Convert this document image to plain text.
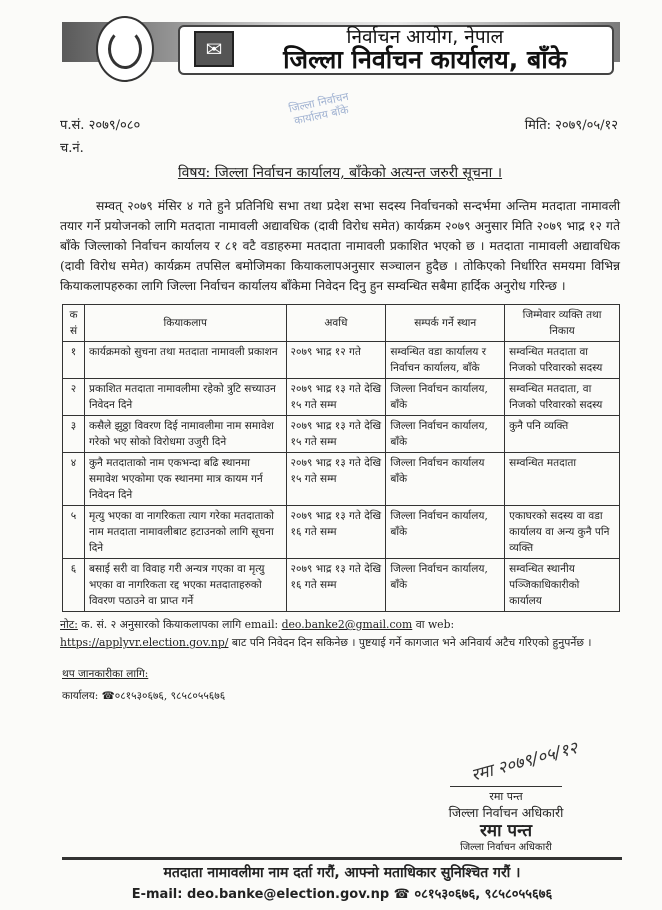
✉	निर्वाचन आयोग, नेपाल
जिल्ला निर्वाचन कार्यालय, बाँके
जिल्ला निर्वाचन कार्यालय बाँके
प.सं. २०७९/०८०
च.नं.
मिति: २०७९/०५/१२
विषय: जिल्ला निर्वाचन कार्यालय, बाँकेको अत्यन्त जरुरी सूचना ।
सम्वत् २०७९ मंसिर ४ गते हुने प्रतिनिधि सभा तथा प्रदेश सभा सदस्य निर्वाचनको सन्दर्भमा अन्तिम मतदाता नामावली तयार गर्ने प्रयोजनको लागि मतदाता नामावली अद्यावधिक (दावी विरोध समेत) कार्यक्रम २०७९ अनुसार मिति २०७९ भाद्र १२ गते बाँके जिल्लाको निर्वाचन कार्यालय र ८१ वटै वडाहरुमा मतदाता नामावली प्रकाशित भएको छ । मतदाता नामावली अद्यावधिक (दावी विरोध समेत) कार्यक्रम तपसिल बमोजिमका कियाकलापअनुसार सञ्चालन हुदैछ । तोकिएको निर्धारित समयमा विभिन्न कियाकलापहरुका लागि जिल्ला निर्वाचन कार्यालय बाँकेमा निवेदन दिनु हुन सम्वन्धित सबैमा हार्दिक अनुरोध गरिन्छ ।
क सं	कियाकलाप	अवधि	सम्पर्क गर्ने स्थान	जिम्मेवार व्यक्ति तथा निकाय
१	कार्यक्रमको सुचना तथा मतदाता नामावली प्रकाशन	२०७९ भाद्र १२ गते	सम्वन्धित वडा कार्यालय र निर्वाचन कार्यालय, बाँके	सम्वन्धित मतदाता वा निजको परिवारको सदस्य
२	प्रकाशित मतदाता नामावलीमा रहेको त्रुटि सच्याउन निवेदन दिने	२०७९ भाद्र १३ गते देखि १५ गते सम्म	जिल्ला निर्वाचन कार्यालय, बाँके	सम्वन्धित मतदाता, वा निजको परिवारको सदस्य
३	कसैले झुठ्ठा विवरण दिई नामावलीमा नाम समावेश गरेको भए सोको विरोधमा उजुरी दिने	२०७९ भाद्र १३ गते देखि १५ गते सम्म	जिल्ला निर्वाचन कार्यालय, बाँके	कुनै पनि व्यक्ति
४	कुनै मतदाताको नाम एकभन्दा बढि स्थानमा समावेश भएकोमा एक स्थानमा मात्र कायम गर्न निवेदन दिने	२०७९ भाद्र १३ गते देखि १५ गते सम्म	जिल्ला निर्वाचन कार्यालय बाँके	सम्वन्धित मतदाता
५	मृत्यु भएका वा नागरिकता त्याग गरेका मतदाताको नाम मतदाता नामावलीबाट हटाउनको लागि सूचना दिने	२०७९ भाद्र १३ गते देखि १६ गते सम्म	जिल्ला निर्वाचन कार्यालय, बाँके	एकाघरको सदस्य वा वडा कार्यालय वा अन्य कुनै पनि व्यक्ति
६	बसाई सरी वा विवाह गरी अन्यत्र गएका वा मृत्यु भएका वा नागरिकता रद्द भएका मतदाताहरुको विवरण पठाउने वा प्राप्त गर्ने	२०७९ भाद्र १३ गते देखि १६ गते सम्म	जिल्ला निर्वाचन कार्यालय, बाँके	सम्वन्धित स्थानीय पञ्जिकाधिकारीको कार्यालय
नोट: क. सं. २ अनुसारको कियाकलापका लागि email: deo.banke2@gmail.com वा web: https://applyvr.election.gov.np/ बाट पनि निवेदन दिन सकिनेछ । पुष्टयाई गर्ने कागजात भने अनिवार्य अटैच गरिएको हुनुपर्नेछ ।
थप जानकारीका लागि:
कार्यालय: ☎०८१५३०६७६, ९८५८०५५६७६
रमा २०७९/०५/१२
रमा पन्त
जिल्ला निर्वाचन अधिकारी
रमा पन्त
जिल्ला निर्वाचन अधिकारी
मतदाता नामावलीमा नाम दर्ता गरौं, आफ्नो मताधिकार सुनिश्चित गरौं ।
E-mail: deo.banke@election.gov.np ☎ ०८१५३०६७६, ९८५८०५५६७६
